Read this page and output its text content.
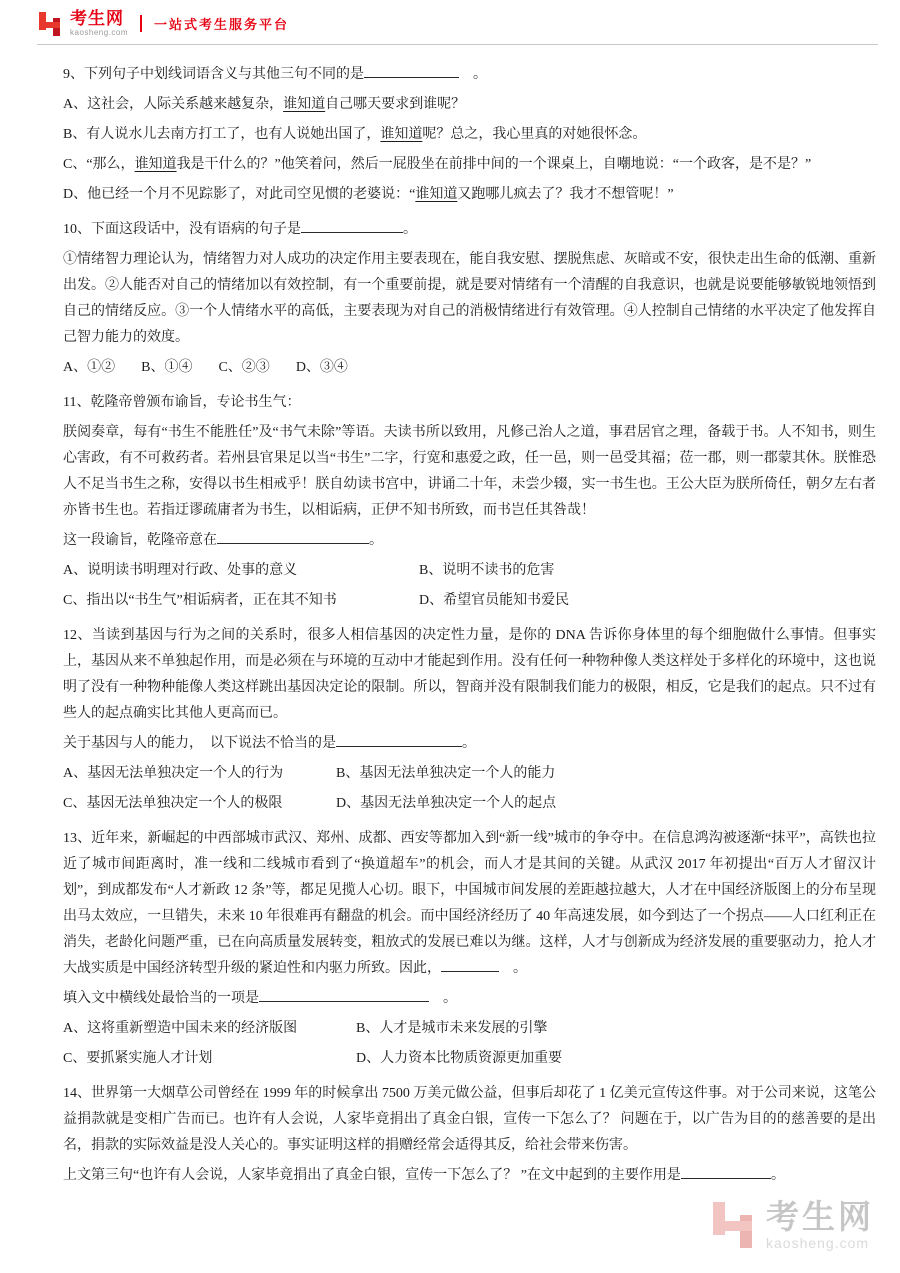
考生网
kaosheng.com
一站式考生服务平台

9、下列句子中划线词语含义与其他三句不同的是	　。

A、这社会，人际关系越来越复杂，谁知道自己哪天要求到谁呢？

B、有人说水儿去南方打工了，也有人说她出国了，谁知道呢？总之，我心里真的对她很怀念。

C、“那么，谁知道我是干什么的？”他笑着问，然后一屁股坐在前排中间的一个课桌上，自嘲地说：“一个政客，是不是？”

D、他已经一个月不见踪影了，对此司空见惯的老婆说：“谁知道又跑哪儿疯去了？我才不想管呢！”

10、下面这段话中，没有语病的句子是	。

①情绪智力理论认为，情绪智力对人成功的决定作用主要表现在，能自我安慰、摆脱焦虑、灰暗或不安，很快走出生命的低潮、重新出发。②人能否对自己的情绪加以有效控制，有一个重要前提，就是要对情绪有一个清醒的自我意识，也就是说要能够敏锐地领悟到自己的情绪反应。③一个人情绪水平的高低，主要表现为对自己的消极情绪进行有效管理。④人控制自己情绪的水平决定了他发挥自己智力能力的效度。

A、①② B、①④ C、②③ D、③④

11、乾隆帝曾颁布谕旨，专论书生气：

朕阅奏章，每有“书生不能胜任”及“书气未除”等语。夫读书所以致用，凡修己治人之道，事君居官之理，备载于书。人不知书，则生心害政，有不可救药者。若州县官果足以当“书生”二字，行宽和惠爱之政，任一邑，则一邑受其福；莅一郡，则一郡蒙其休。朕惟恐人不足当书生之称，安得以书生相戒乎！朕自幼读书宫中，讲诵二十年，未尝少辍，实一书生也。王公大臣为朕所倚任，朝夕左右者亦皆书生也。若指迂谬疏庸者为书生，以相诟病，正伊不知书所致，而书岂任其咎哉！

这一段谕旨，乾隆帝意在	。

A、说明读书明理对行政、处事的意义	B、说明不读书的危害
C、指出以“书生气”相诟病者，正在其不知书	D、希望官员能知书爱民

12、当读到基因与行为之间的关系时，很多人相信基因的决定性力量，是你的 DNA 告诉你身体里的每个细胞做什么事情。但事实上，基因从来不单独起作用，而是必须在与环境的互动中才能起到作用。没有任何一种物种像人类这样处于多样化的环境中，这也说明了没有一种物种能像人类这样跳出基因决定论的限制。所以，智商并没有限制我们能力的极限，相反，它是我们的起点。只不过有些人的起点确实比其他人更高而已。

关于基因与人的能力，　以下说法不恰当的是	。

A、基因无法单独决定一个人的行为	B、基因无法单独决定一个人的能力
C、基因无法单独决定一个人的极限	D、基因无法单独决定一个人的起点

13、近年来，新崛起的中西部城市武汉、郑州、成都、西安等都加入到“新一线”城市的争夺中。在信息鸿沟被逐渐“抹平”，高铁也拉近了城市间距离时，准一线和二线城市看到了“换道超车”的机会，而人才是其间的关键。从武汉 2017 年初提出“百万人才留汉计划”，到成都发布“人才新政 12 条”等，都足见揽人心切。眼下，中国城市间发展的差距越拉越大，人才在中国经济版图上的分布呈现出马太效应，一旦错失，未来 10 年很难再有翻盘的机会。而中国经济经历了 40 年高速发展，如今到达了一个拐点——人口红利正在消失，老龄化问题严重，已在向高质量发展转变，粗放式的发展已难以为继。这样，人才与创新成为经济发展的重要驱动力，抢人才大战实质是中国经济转型升级的紧迫性和内驱力所致。因此，	　。

填入文中横线处最恰当的一项是	　。

A、这将重新塑造中国未来的经济版图	B、人才是城市未来发展的引擎
C、要抓紧实施人才计划	D、人力资本比物质资源更加重要

14、世界第一大烟草公司曾经在 1999 年的时候拿出 7500 万美元做公益，但事后却花了 1 亿美元宣传这件事。对于公司来说，这笔公益捐款就是变相广告而已。也许有人会说，人家毕竟捐出了真金白银，宣传一下怎么了？ 问题在于，以广告为目的的慈善要的是出名，捐款的实际效益是没人关心的。事实证明这样的捐赠经常会适得其反，给社会带来伤害。

上文第三句“也许有人会说，人家毕竟捐出了真金白银，宣传一下怎么了？ ”在文中起到的主要作用是	。

考生网
kaosheng.com
